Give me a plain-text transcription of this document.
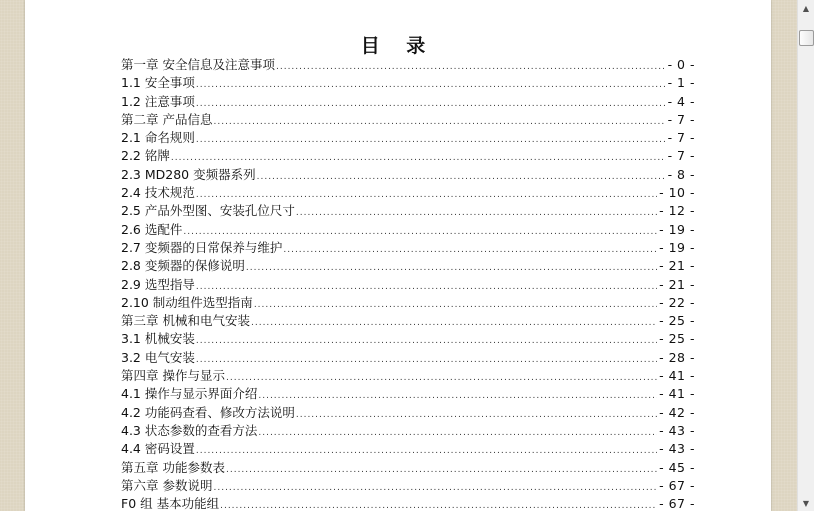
目 录
第一章 安全信息及注意事项 .....	- 0 -
1.1 安全事项 .....	- 1 -
1.2 注意事项 .....	- 4 -
第二章 产品信息 .....	- 7 -
2.1 命名规则 .....	- 7 -
2.2 铭牌 .....	- 7 -
2.3 MD280 变频器系列 .....	- 8 -
2.4 技术规范 .....	- 10 -
2.5 产品外型图、安装孔位尺寸 .....	- 12 -
2.6 选配件 .....	- 19 -
2.7 变频器的日常保养与维护 .....	- 19 -
2.8 变频器的保修说明 .....	- 21 -
2.9 选型指导 .....	- 21 -
2.10 制动组件选型指南 .....	- 22 -
第三章 机械和电气安装 .....	- 25 -
3.1 机械安装 .....	- 25 -
3.2 电气安装 .....	- 28 -
第四章 操作与显示 .....	- 41 -
4.1 操作与显示界面介绍 .....	- 41 -
4.2 功能码查看、修改方法说明 .....	- 42 -
4.3 状态参数的查看方法 .....	- 43 -
4.4 密码设置 .....	- 43 -
第五章 功能参数表 .....	- 45 -
第六章 参数说明 .....	- 67 -
F0 组 基本功能组 .....	- 67 -
▲
▼
